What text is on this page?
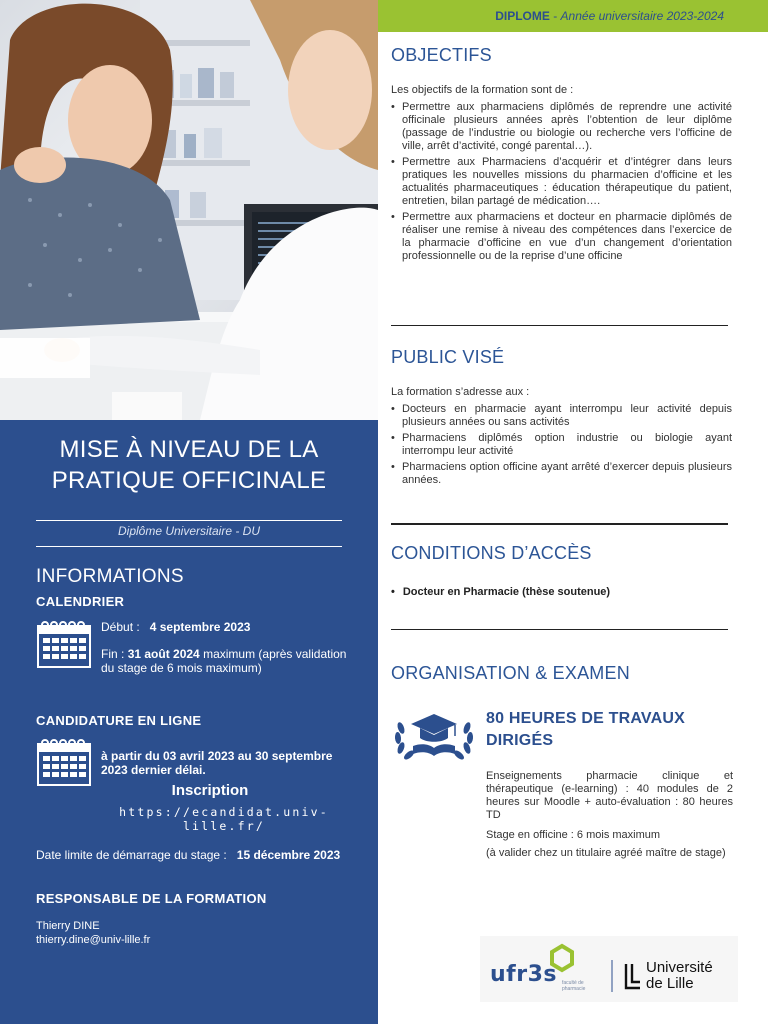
MISE À NIVEAU DE LA
PRATIQUE OFFICINALE
Diplôme Universitaire - DU
INFORMATIONS
CALENDRIER
Début : 4 septembre 2023
Fin : 31 août 2024 maximum (après validation
du stage de 6 mois maximum)
CANDIDATURE EN LIGNE
à partir du 03 avril 2023 au 30 septembre
2023 dernier délai.
Inscription
https://ecandidat.univ-lille.fr/
Date limite de démarrage du stage : 15 décembre 2023
RESPONSABLE DE LA FORMATION
Thierry DINE
thierry.dine@univ-lille.fr
DIPLOME - Année universitaire 2023-2024
OBJECTIFS
Les objectifs de la formation sont de :
• Permettre aux pharmaciens diplômés de reprendre une activité officinale plusieurs années après l’obtention de leur diplôme (passage de l’industrie ou biologie ou recherche vers l’officine de ville, arrêt d’activité, congé parental…).
• Permettre aux Pharmaciens d’acquérir et d’intégrer dans leurs pratiques les nouvelles missions du pharmacien d’officine et les actualités pharmaceutiques : éducation thérapeutique du patient, entretien, bilan partagé de médication….
• Permettre aux pharmaciens et docteur en pharmacie diplômés de réaliser une remise à niveau des compétences dans l’exercice de la pharmacie d’officine en vue d’un changement d’orientation professionnelle ou de la reprise d’une officine
PUBLIC VISÉ
La formation s’adresse aux :
• Docteurs en pharmacie ayant interrompu leur activité depuis plusieurs années ou sans activités
• Pharmaciens diplômés option industrie ou biologie ayant interrompu leur activité
• Pharmaciens option officine ayant arrêté d’exercer depuis plusieurs années.
CONDITIONS D’ACCÈS
• Docteur en Pharmacie (thèse soutenue)
ORGANISATION & EXAMEN
80 HEURES DE TRAVAUX
DIRIGÉS
Enseignements pharmacie clinique et thérapeutique (e-learning) : 40 modules de 2 heures sur Moodle + auto-évaluation : 80 heures TD
Stage en officine : 6 mois maximum
(à valider chez un titulaire agréé maître de stage)
ufr3s faculté de pharmacie
Université
de Lille
